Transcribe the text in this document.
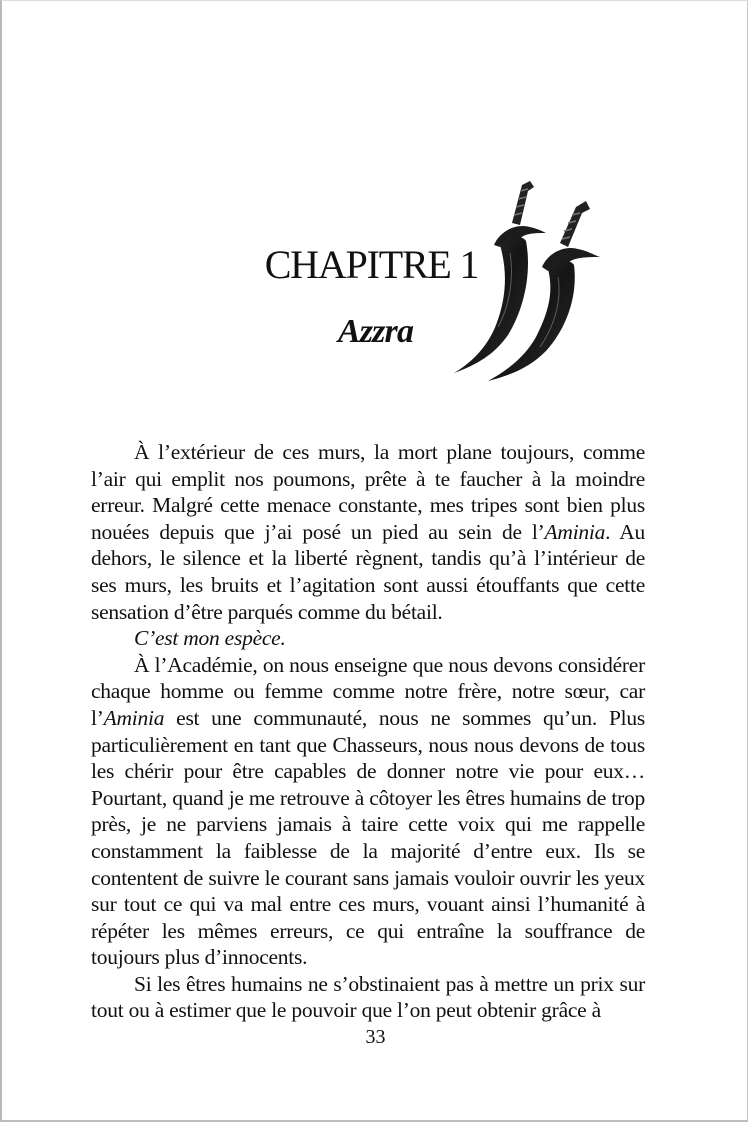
CHAPITRE 1
Azzra

À l’extérieur de ces murs, la mort plane toujours, comme l’air qui emplit nos poumons, prête à te faucher à la moindre erreur. Malgré cette menace constante, mes tripes sont bien plus nouées depuis que j’ai posé un pied au sein de l’Aminia. Au dehors, le silence et la liberté règnent, tandis qu’à l’intérieur de ses murs, les bruits et l’agitation sont aussi étouffants que cette sensation d’être parqués comme du bétail.

C’est mon espèce.

À l’Académie, on nous enseigne que nous devons considérer chaque homme ou femme comme notre frère, notre sœur, car l’Aminia est une communauté, nous ne sommes qu’un. Plus particulièrement en tant que Chasseurs, nous nous devons de tous les chérir pour être capables de donner notre vie pour eux… Pourtant, quand je me retrouve à côtoyer les êtres humains de trop près, je ne parviens jamais à taire cette voix qui me rappelle constamment la faiblesse de la majorité d’entre eux. Ils se contentent de suivre le courant sans jamais vouloir ouvrir les yeux sur tout ce qui va mal entre ces murs, vouant ainsi l’humanité à répéter les mêmes erreurs, ce qui entraîne la souffrance de toujours plus d’innocents.

Si les êtres humains ne s’obstinaient pas à mettre un prix sur tout ou à estimer que le pouvoir que l’on peut obtenir grâce à

33
